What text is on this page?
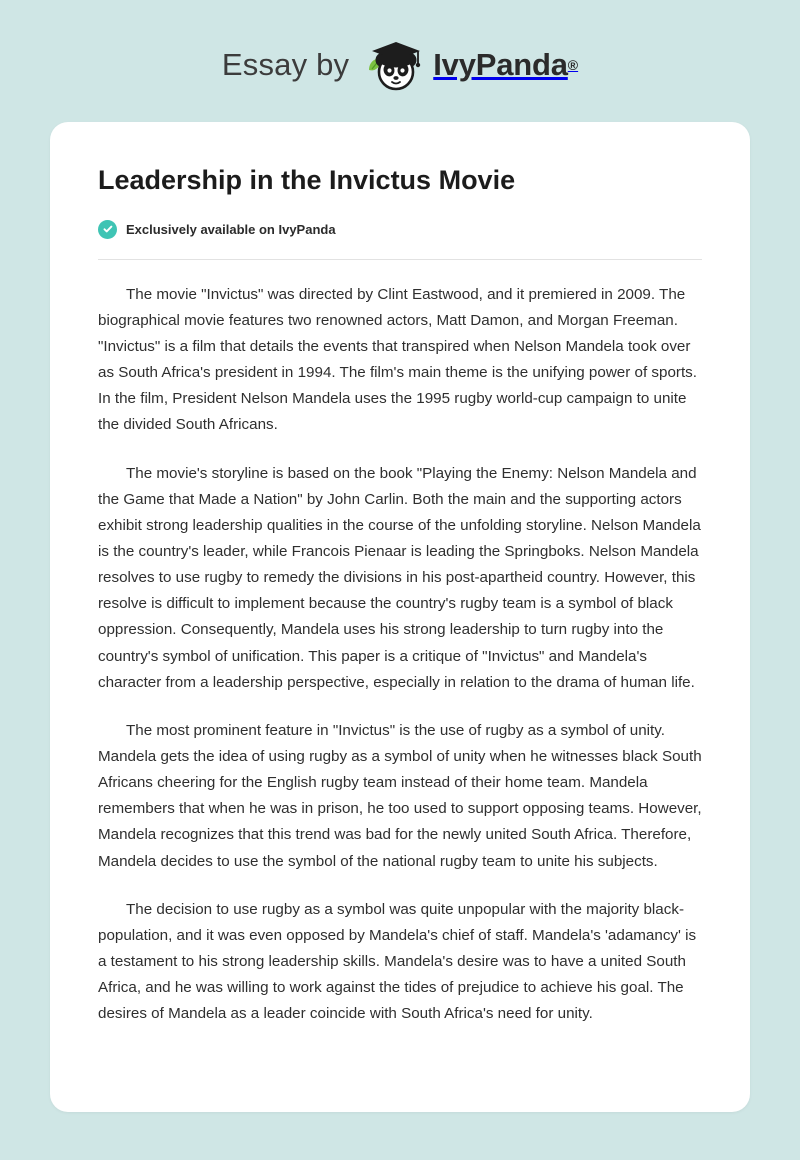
Essay by	IvyPanda ®
Leadership in the Invictus Movie
Exclusively available on IvyPanda

The movie "Invictus" was directed by Clint Eastwood, and it premiered in 2009. The biographical movie features two renowned actors, Matt Damon, and Morgan Freeman. "Invictus" is a film that details the events that transpired when Nelson Mandela took over as South Africa's president in 1994. The film's main theme is the unifying power of sports. In the film, President Nelson Mandela uses the 1995 rugby world-cup campaign to unite the divided South Africans.

The movie's storyline is based on the book "Playing the Enemy: Nelson Mandela and the Game that Made a Nation" by John Carlin. Both the main and the supporting actors exhibit strong leadership qualities in the course of the unfolding storyline. Nelson Mandela is the country's leader, while Francois Pienaar is leading the Springboks. Nelson Mandela resolves to use rugby to remedy the divisions in his post-apartheid country. However, this resolve is difficult to implement because the country's rugby team is a symbol of black oppression. Consequently, Mandela uses his strong leadership to turn rugby into the country's symbol of unification. This paper is a critique of "Invictus" and Mandela's character from a leadership perspective, especially in relation to the drama of human life.

The most prominent feature in "Invictus" is the use of rugby as a symbol of unity. Mandela gets the idea of using rugby as a symbol of unity when he witnesses black South Africans cheering for the English rugby team instead of their home team. Mandela remembers that when he was in prison, he too used to support opposing teams. However, Mandela recognizes that this trend was bad for the newly united South Africa. Therefore, Mandela decides to use the symbol of the national rugby team to unite his subjects.

The decision to use rugby as a symbol was quite unpopular with the majority black-population, and it was even opposed by Mandela's chief of staff. Mandela's 'adamancy' is a testament to his strong leadership skills. Mandela's desire was to have a united South Africa, and he was willing to work against the tides of prejudice to achieve his goal. The desires of Mandela as a leader coincide with South Africa's need for unity.
